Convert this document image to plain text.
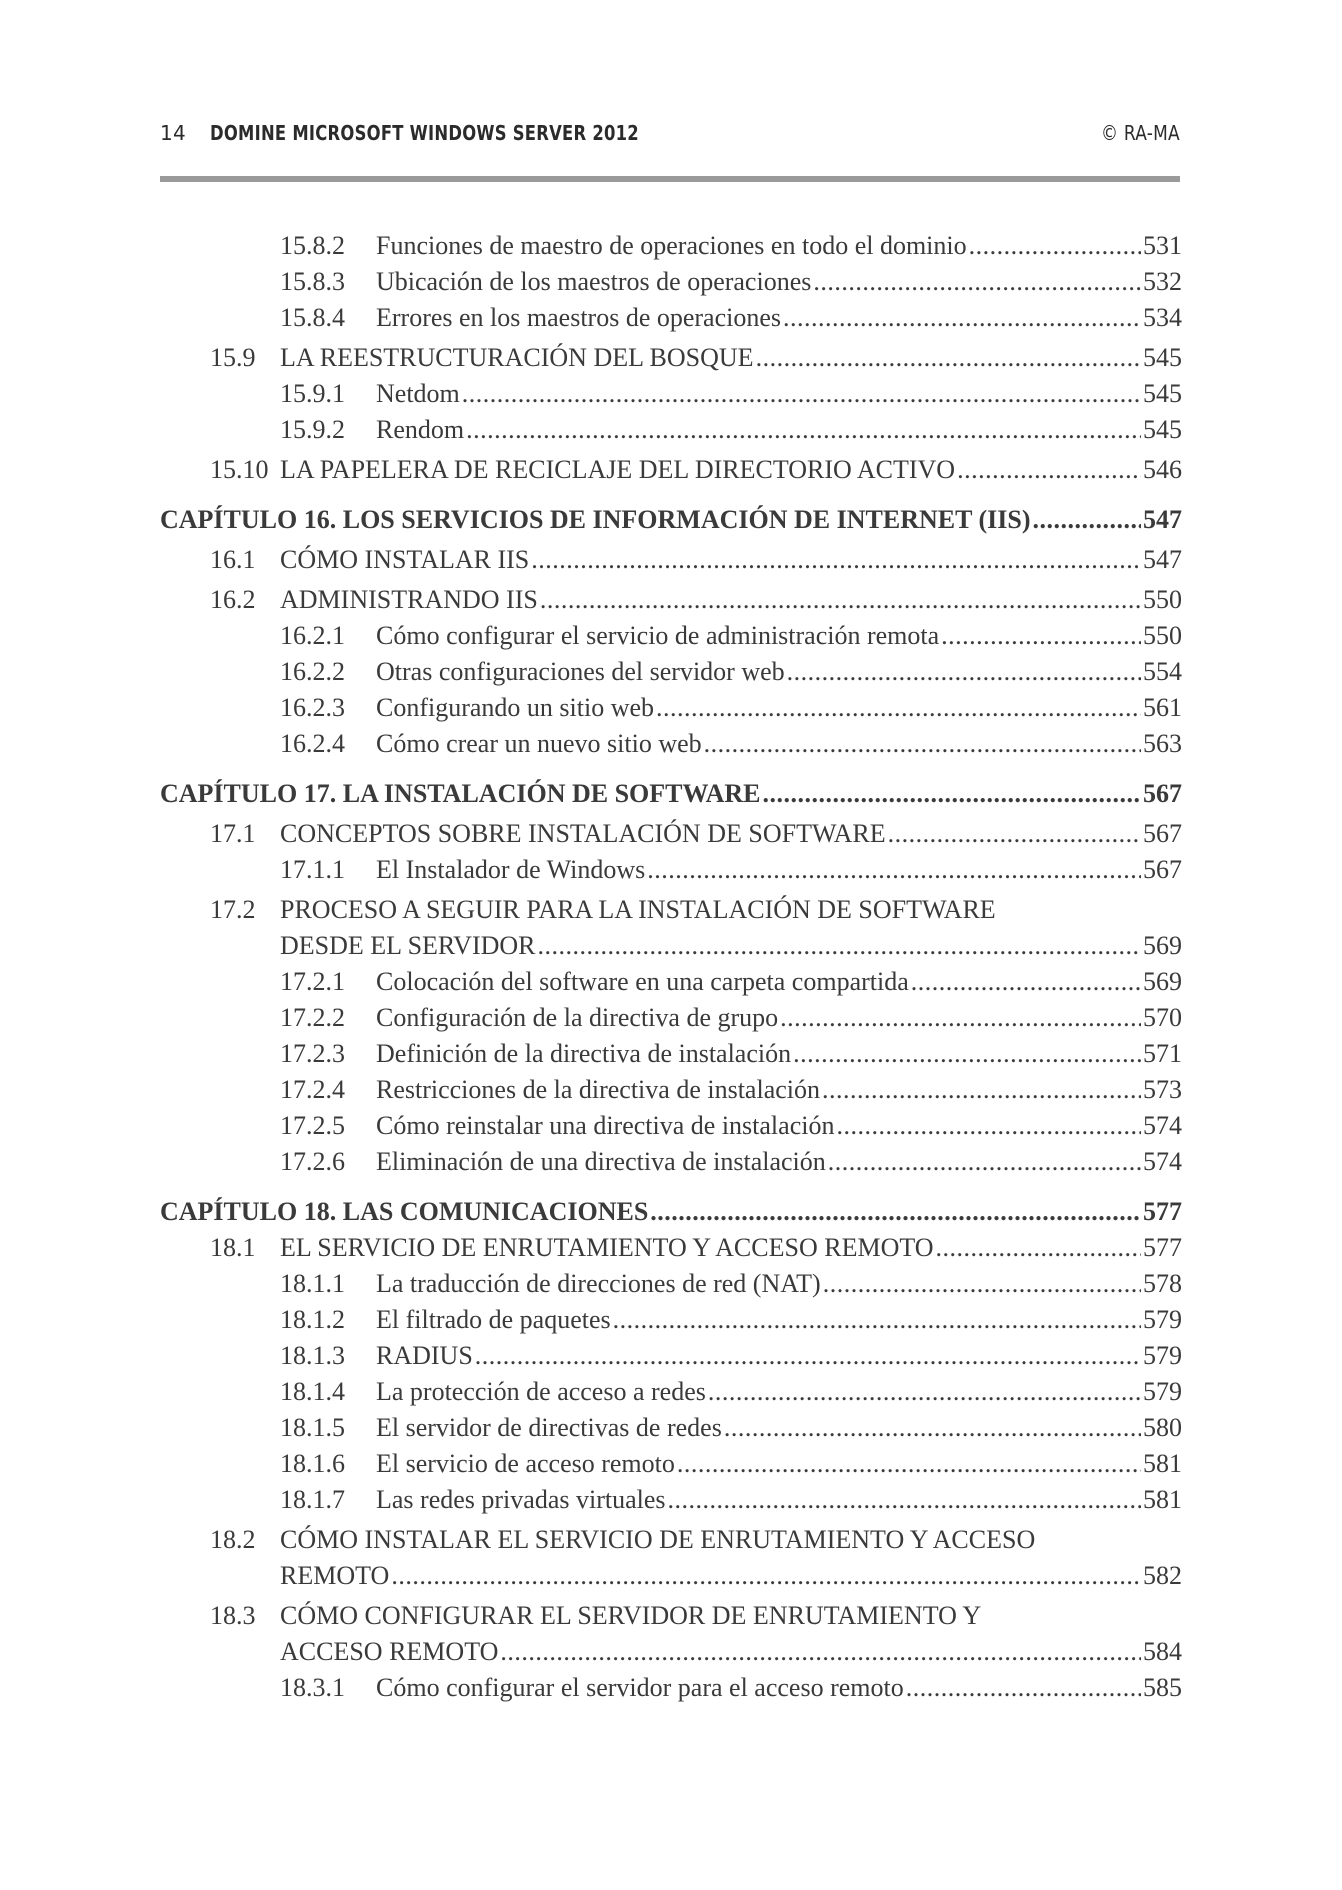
14 DOMINE MICROSOFT WINDOWS SERVER 2012	© RA-MA
15.8.2	Funciones de maestro de operaciones en todo el dominio . . .	531
15.8.3	Ubicación de los maestros de operaciones . . .	532
15.8.4	Errores en los maestros de operaciones . . .	534
15.9 LA REESTRUCTURACIÓN DEL BOSQUE . . .	545
15.9.1	Netdom . . .	545
15.9.2	Rendom . . .	545
15.10 LA PAPELERA DE RECICLAJE DEL DIRECTORIO ACTIVO . . .	546
CAPÍTULO 16. LOS SERVICIOS DE INFORMACIÓN DE INTERNET (IIS) . . .	547
16.1 CÓMO INSTALAR IIS . . .	547
16.2 ADMINISTRANDO IIS . . .	550
16.2.1	Cómo configurar el servicio de administración remota . . .	550
16.2.2	Otras configuraciones del servidor web . . .	554
16.2.3	Configurando un sitio web . . .	561
16.2.4	Cómo crear un nuevo sitio web . . .	563
CAPÍTULO 17. LA INSTALACIÓN DE SOFTWARE . . .	567
17.1 CONCEPTOS SOBRE INSTALACIÓN DE SOFTWARE . . .	567
17.1.1	El Instalador de Windows . . .	567
17.2 PROCESO A SEGUIR PARA LA INSTALACIÓN DE SOFTWARE
DESDE EL SERVIDOR . . .	569
17.2.1	Colocación del software en una carpeta compartida . . .	569
17.2.2	Configuración de la directiva de grupo . . .	570
17.2.3	Definición de la directiva de instalación . . .	571
17.2.4	Restricciones de la directiva de instalación . . .	573
17.2.5	Cómo reinstalar una directiva de instalación . . .	574
17.2.6	Eliminación de una directiva de instalación . . .	574
CAPÍTULO 18. LAS COMUNICACIONES . . .	577
18.1 EL SERVICIO DE ENRUTAMIENTO Y ACCESO REMOTO . . .	577
18.1.1	La traducción de direcciones de red (NAT) . . .	578
18.1.2	El filtrado de paquetes . . .	579
18.1.3	RADIUS . . .	579
18.1.4	La protección de acceso a redes . . .	579
18.1.5	El servidor de directivas de redes . . .	580
18.1.6	El servicio de acceso remoto . . .	581
18.1.7	Las redes privadas virtuales . . .	581
18.2 CÓMO INSTALAR EL SERVICIO DE ENRUTAMIENTO Y ACCESO
REMOTO . . .	582
18.3 CÓMO CONFIGURAR EL SERVIDOR DE ENRUTAMIENTO Y
ACCESO REMOTO . . .	584
18.3.1	Cómo configurar el servidor para el acceso remoto . . .	585
